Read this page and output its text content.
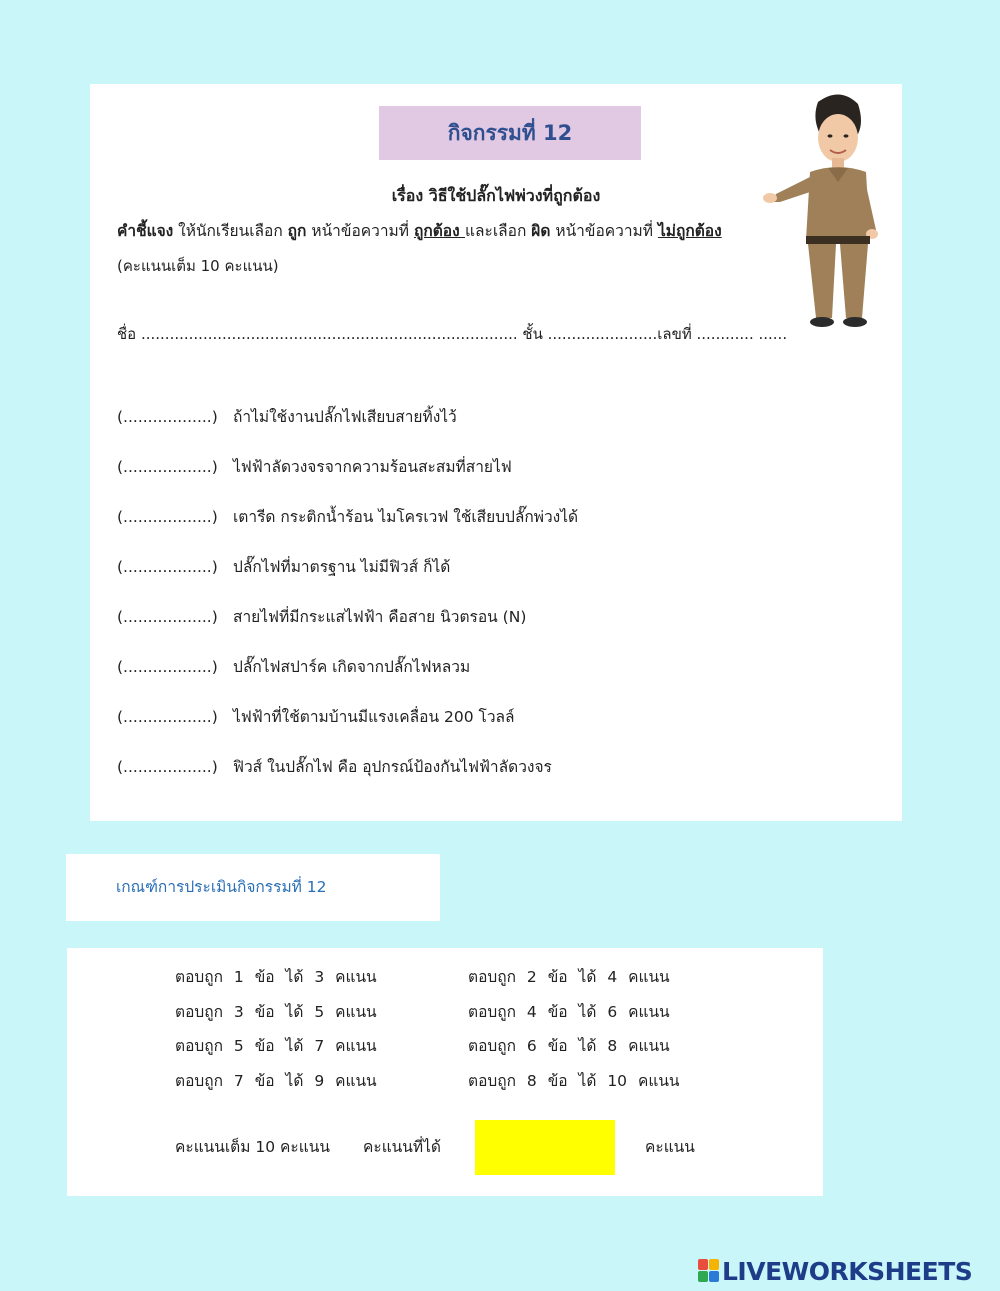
กิจกรรมที่ 12
เรื่อง วิธีใช้ปลั๊กไฟพ่วงที่ถูกต้อง
คำชี้แจง ให้นักเรียนเลือก ถูก หน้าข้อความที่ ถูกต้อง และเลือก ผิด หน้าข้อความที่ ไม่ถูกต้อง
(คะแนนเต็ม 10 คะแนน)
ชื่อ ............................................................................... ชั้น .......................เลขที่ ............ ......
(..................) ถ้าไม่ใช้งานปลั๊กไฟเสียบสายทิ้งไว้
(..................) ไฟฟ้าลัดวงจรจากความร้อนสะสมที่สายไฟ
(..................) เตารีด กระติกน้ำร้อน ไมโครเวฟ ใช้เสียบปลั๊กพ่วงได้
(..................) ปลั๊กไฟที่มาตรฐาน ไม่มีฟิวส์ ก็ได้
(..................) สายไฟที่มีกระแสไฟฟ้า คือสาย นิวตรอน (N)
(..................) ปลั๊กไฟสปาร์ค เกิดจากปลั๊กไฟหลวม
(..................) ไฟฟ้าที่ใช้ตามบ้านมีแรงเคลื่อน 200 โวลล์
(..................) ฟิวส์ ในปลั๊กไฟ คือ อุปกรณ์ป้องกันไฟฟ้าลัดวงจร
เกณฑ์การประเมินกิจกรรมที่ 12
ตอบถูก 1 ข้อ ได้ 3 คแนน
ตอบถูก 3 ข้อ ได้ 5 คแนน
ตอบถูก 5 ข้อ ได้ 7 คแนน
ตอบถูก 7 ข้อ ได้ 9 คแนน
ตอบถูก 2 ข้อ ได้ 4 คแนน
ตอบถูก 4 ข้อ ได้ 6 คแนน
ตอบถูก 6 ข้อ ได้ 8 คแนน
ตอบถูก 8 ข้อ ได้ 10 คแนน
คะแนนเต็ม 10 คะแนน คะแนนที่ได้	คะแนน
LIVEWORKSHEETS
